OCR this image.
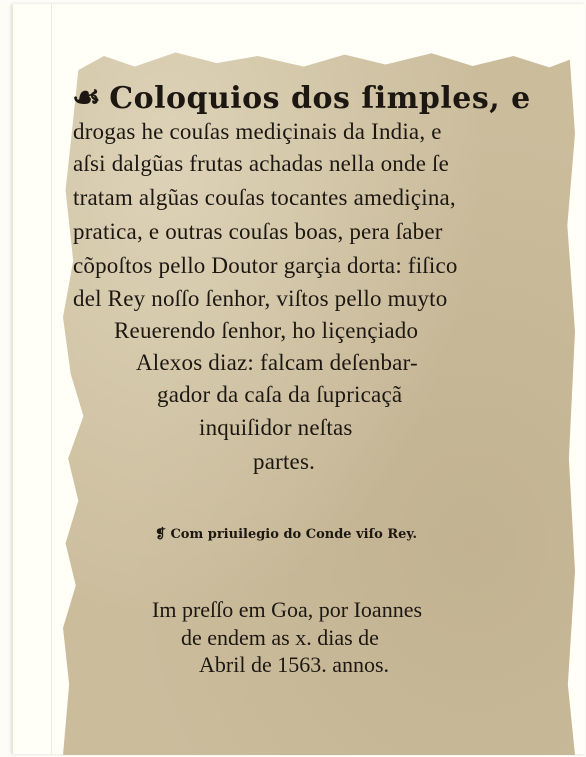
☙ Coloquios dos ſimples, e
drogas he couſas mediçinais da India, e
aſsi dalgũas frutas achadas nella onde ſe
tratam algũas couſas tocantes amediçina,
pratica, e outras couſas boas, pera ſaber
cõpoſtos pello Doutor garçia dorta: fiſico
del Rey noſſo ſenhor, viſtos pello muyto
Reuerendo ſenhor, ho liçençiado
Alexos diaz: falcam deſenbar-
gador da caſa da ſupricaçã
inquiſidor neſtas
partes.
❡ Com priuilegio do Conde viſo Rey.
Im preſſo em Goa, por Ioannes
de endem as x. dias de
Abril de 1563. annos.
